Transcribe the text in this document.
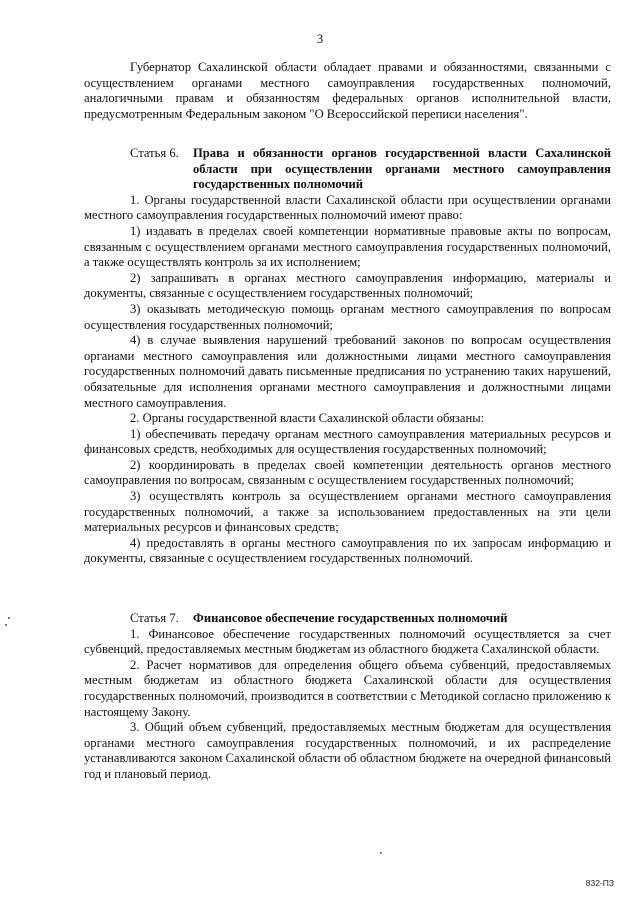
3

Губернатор Сахалинской области обладает правами и обязанностями, связанными с осуществлением органами местного самоуправления государственных полномочий, аналогичными правам и обязанностям федеральных органов исполнительной власти, предусмотренным Федеральным законом "О Всероссийской переписи населения".

Статья 6. Права и обязанности органов государственной власти Сахалинской области при осуществлении органами местного самоуправления государственных полномочий

1. Органы государственной власти Сахалинской области при осуществлении органами местного самоуправления государственных полномочий имеют право:

1) издавать в пределах своей компетенции нормативные правовые акты по вопросам, связанным с осуществлением органами местного самоуправления государственных полномочий, а также осуществлять контроль за их исполнением;

2) запрашивать в органах местного самоуправления информацию, материалы и документы, связанные с осуществлением государственных полномочий;

3) оказывать методическую помощь органам местного самоуправления по вопросам осуществления государственных полномочий;

4) в случае выявления нарушений требований законов по вопросам осуществления органами местного самоуправления или должностными лицами местного самоуправления государственных полномочий давать письменные предписания по устранению таких нарушений, обязательные для исполнения органами местного самоуправления и должностными лицами местного самоуправления.

2. Органы государственной власти Сахалинской области обязаны:

1) обеспечивать передачу органам местного самоуправления материальных ресурсов и финансовых средств, необходимых для осуществления государственных полномочий;

2) координировать в пределах своей компетенции деятельность органов местного самоуправления по вопросам, связанным с осуществлением государственных полномочий;

3) осуществлять контроль за осуществлением органами местного самоуправления государственных полномочий, а также за использованием предоставленных на эти цели материальных ресурсов и финансовых средств;

4) предоставлять в органы местного самоуправления по их запросам информацию и документы, связанные с осуществлением государственных полномочий.

Статья 7. Финансовое обеспечение государственных полномочий

1. Финансовое обеспечение государственных полномочий осуществляется за счет субвенций, предоставляемых местным бюджетам из областного бюджета Сахалинской области.

2. Расчет нормативов для определения общего объема субвенций, предоставляемых местным бюджетам из областного бюджета Сахалинской области для осуществления государственных полномочий, производится в соответствии с Методикой согласно приложению к настоящему Закону.

3. Общий объем субвенций, предоставляемых местным бюджетам для осуществления органами местного самоуправления государственных полномочий, и их распределение устанавливаются законом Сахалинской области об областном бюджете на очередной финансовый год и плановый период.

832-ПЗ
